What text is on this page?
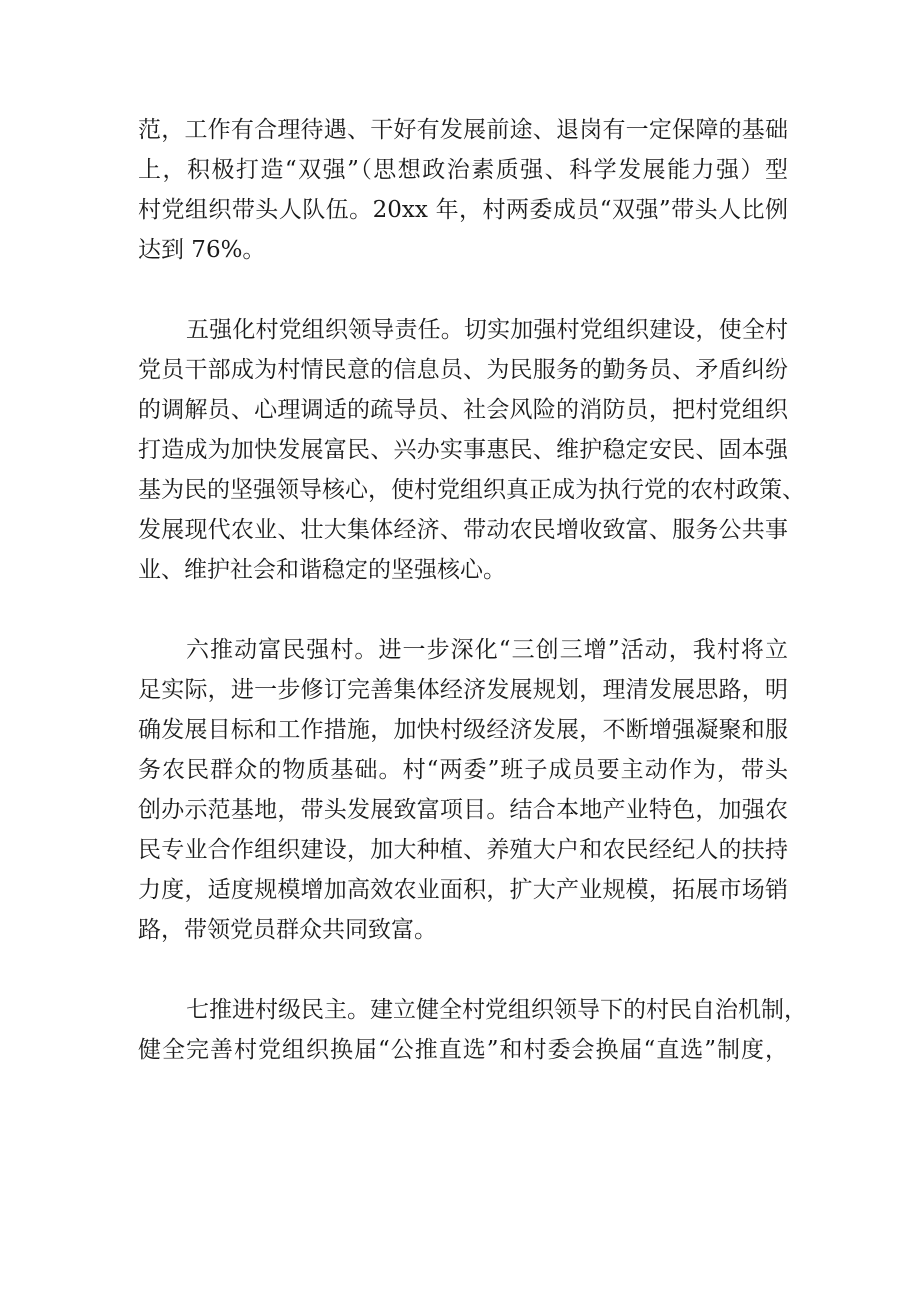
范，工作有合理待遇、干好有发展前途、退岗有一定保障的基础
上，积极打造“双强”（思想政治素质强、科学发展能力强）型
村党组织带头人队伍。20xx 年，村两委成员“双强”带头人比例
达到 76%。
五强化村党组织领导责任。切实加强村党组织建设，使全村
党员干部成为村情民意的信息员、为民服务的勤务员、矛盾纠纷
的调解员、心理调适的疏导员、社会风险的消防员，把村党组织
打造成为加快发展富民、兴办实事惠民、维护稳定安民、固本强
基为民的坚强领导核心，使村党组织真正成为执行党的农村政策、
发展现代农业、壮大集体经济、带动农民增收致富、服务公共事
业、维护社会和谐稳定的坚强核心。
六推动富民强村。进一步深化“三创三增”活动，我村将立
足实际，进一步修订完善集体经济发展规划，理清发展思路，明
确发展目标和工作措施，加快村级经济发展，不断增强凝聚和服
务农民群众的物质基础。村“两委”班子成员要主动作为，带头
创办示范基地，带头发展致富项目。结合本地产业特色，加强农
民专业合作组织建设，加大种植、养殖大户和农民经纪人的扶持
力度，适度规模增加高效农业面积，扩大产业规模，拓展市场销
路，带领党员群众共同致富。
七推进村级民主。建立健全村党组织领导下的村民自治机制，
健全完善村党组织换届“公推直选”和村委会换届“直选”制度，
